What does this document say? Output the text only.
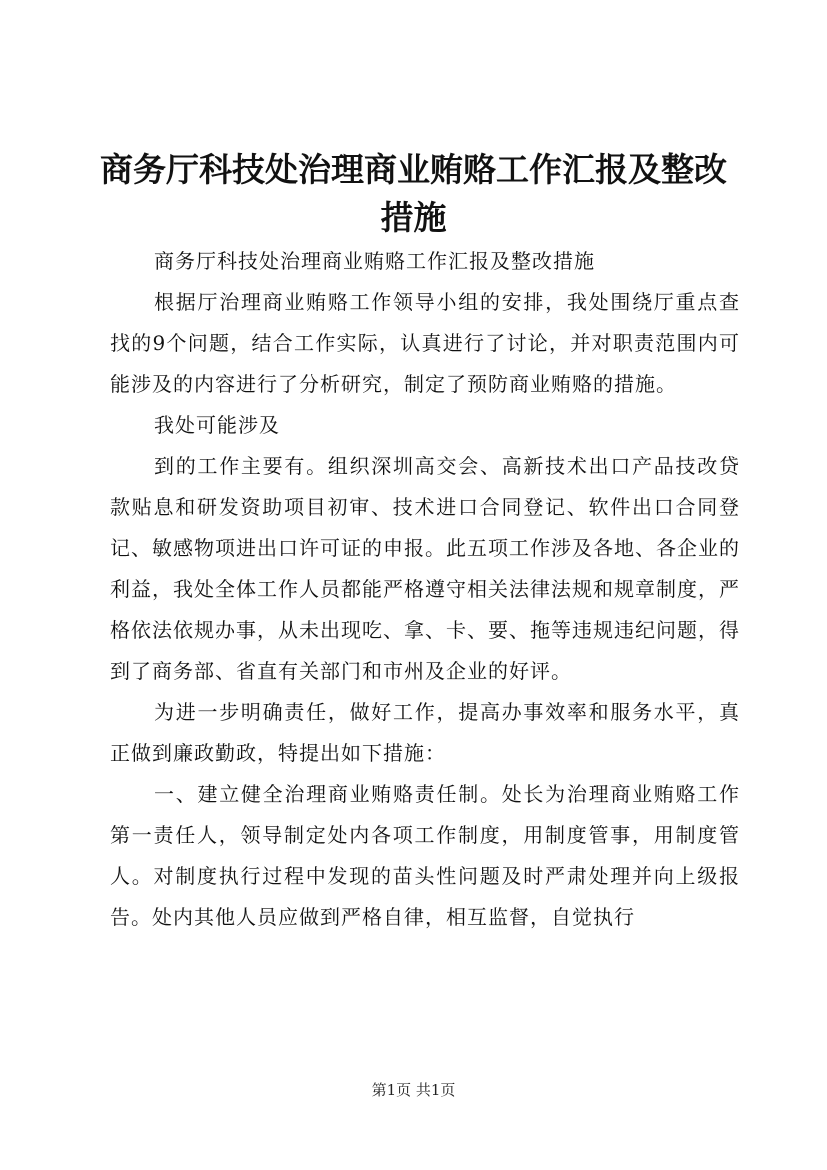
商务厅科技处治理商业贿赂工作汇报及整改措施

商务厅科技处治理商业贿赂工作汇报及整改措施

根据厅治理商业贿赂工作领导小组的安排，我处围绕厅重点查找的9个问题，结合工作实际，认真进行了讨论，并对职责范围内可能涉及的内容进行了分析研究，制定了预防商业贿赂的措施。

我处可能涉及

到的工作主要有。组织深圳高交会、高新技术出口产品技改贷款贴息和研发资助项目初审、技术进口合同登记、软件出口合同登记、敏感物项进出口许可证的申报。此五项工作涉及各地、各企业的利益，我处全体工作人员都能严格遵守相关法律法规和规章制度，严格依法依规办事，从未出现吃、拿、卡、要、拖等违规违纪问题，得到了商务部、省直有关部门和市州及企业的好评。

为进一步明确责任，做好工作，提高办事效率和服务水平，真正做到廉政勤政，特提出如下措施：

一、建立健全治理商业贿赂责任制。处长为治理商业贿赂工作第一责任人，领导制定处内各项工作制度，用制度管事，用制度管人。对制度执行过程中发现的苗头性问题及时严肃处理并向上级报告。处内其他人员应做到严格自律，相互监督，自觉执行

第1页 共1页
